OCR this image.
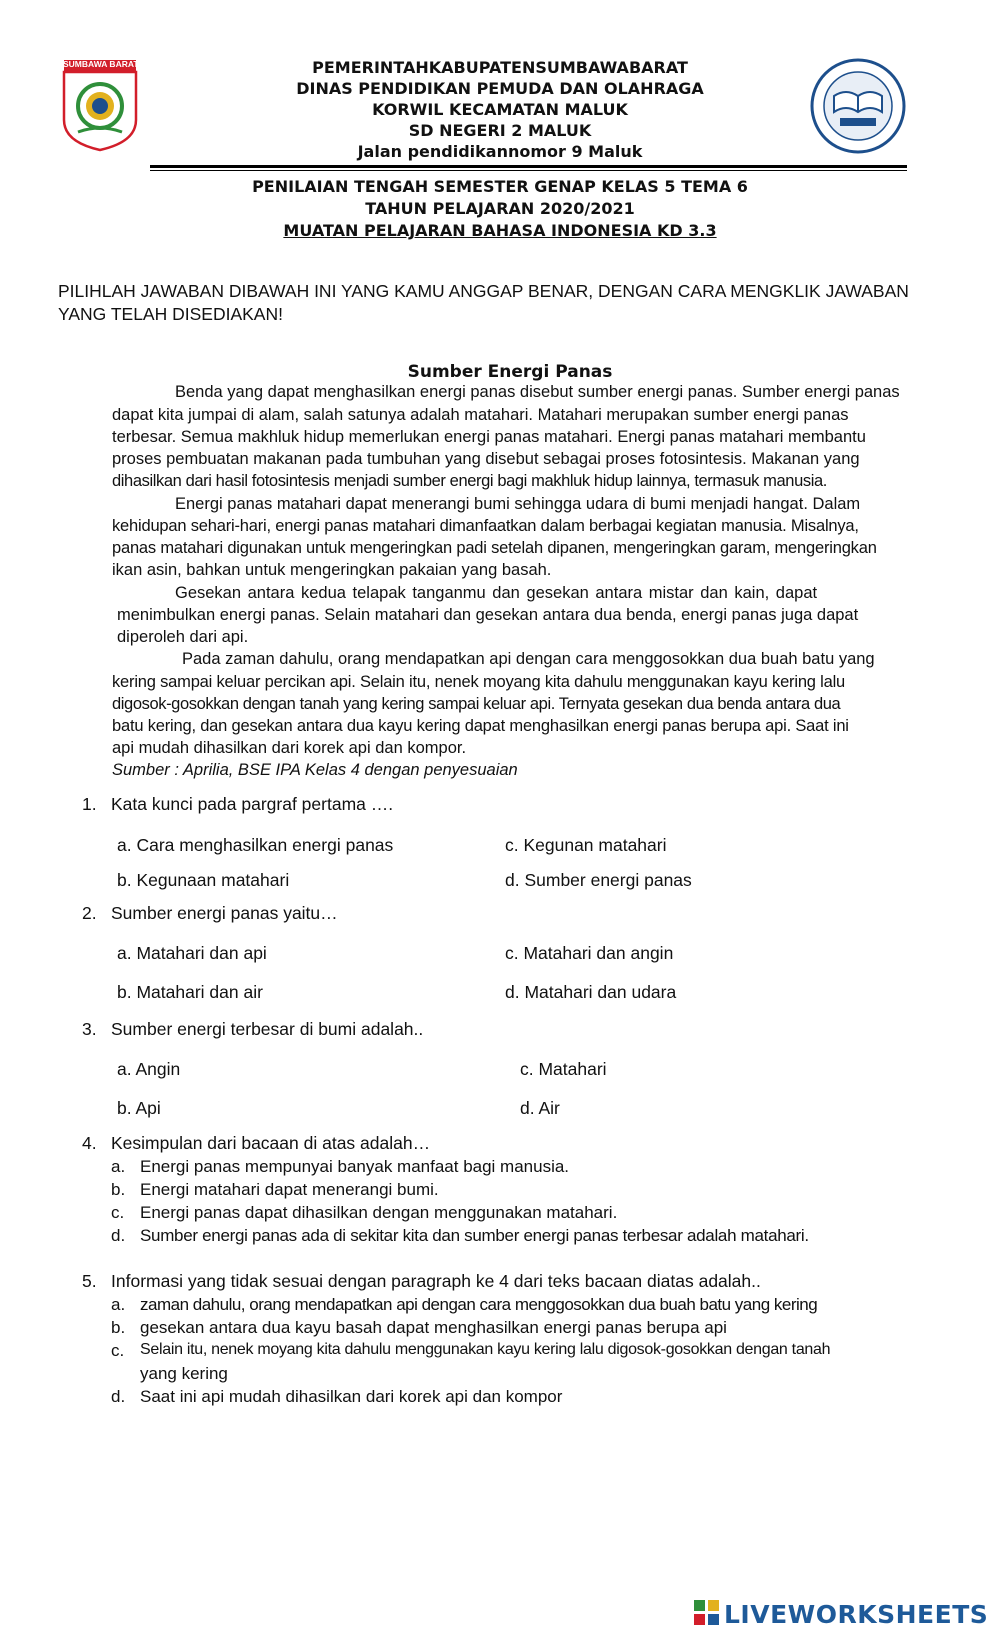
SUMBAWA BARAT	PEMERINTAHKABUPATENSUMBAWABARAT
DINAS PENDIDIKAN PEMUDA DAN OLAHRAGA
KORWIL KECAMATAN MALUK
SD NEGERI 2 MALUK
Jalan pendidikannomor 9 Maluk
PENILAIAN TENGAH SEMESTER GENAP KELAS 5 TEMA 6
TAHUN PELAJARAN 2020/2021
MUATAN PELAJARAN BAHASA INDONESIA KD 3.3
PILIHLAH JAWABAN DIBAWAH INI YANG KAMU ANGGAP BENAR, DENGAN CARA MENGKLIK JAWABAN
YANG TELAH DISEDIAKAN!
Sumber Energi Panas
Benda yang dapat menghasilkan energi panas disebut sumber energi panas. Sumber energi panas
dapat kita jumpai di alam, salah satunya adalah matahari. Matahari merupakan sumber energi panas
terbesar. Semua makhluk hidup memerlukan energi panas matahari. Energi panas matahari membantu
proses pembuatan makanan pada tumbuhan yang disebut sebagai proses fotosintesis. Makanan yang
dihasilkan dari hasil fotosintesis menjadi sumber energi bagi makhluk hidup lainnya, termasuk manusia.
Energi panas matahari dapat menerangi bumi sehingga udara di bumi menjadi hangat. Dalam
kehidupan sehari-hari, energi panas matahari dimanfaatkan dalam berbagai kegiatan manusia. Misalnya,
panas matahari digunakan untuk mengeringkan padi setelah dipanen, mengeringkan garam, mengeringkan
ikan asin, bahkan untuk mengeringkan pakaian yang basah.
Gesekan antara kedua telapak tanganmu dan gesekan antara mistar dan kain, dapat
menimbulkan energi panas. Selain matahari dan gesekan antara dua benda, energi panas juga dapat
diperoleh dari api.
Pada zaman dahulu, orang mendapatkan api dengan cara menggosokkan dua buah batu yang
kering sampai keluar percikan api. Selain itu, nenek moyang kita dahulu menggunakan kayu kering lalu
digosok-gosokkan dengan tanah yang kering sampai keluar api. Ternyata gesekan dua benda antara dua
batu kering, dan gesekan antara dua kayu kering dapat menghasilkan energi panas berupa api. Saat ini
api mudah dihasilkan dari korek api dan kompor.
Sumber : Aprilia, BSE IPA Kelas 4 dengan penyesuaian
1. Kata kunci pada pargraf pertama ….
a. Cara menghasilkan energi panas
b. Kegunaan matahari
c. Kegunan matahari
d. Sumber energi panas
2. Sumber energi panas yaitu…
a. Matahari dan api
b. Matahari dan air
c. Matahari dan angin
d. Matahari dan udara
3. Sumber energi terbesar di bumi adalah..
a. Angin
b. Api
c. Matahari
d. Air
4. Kesimpulan dari bacaan di atas adalah…
a. Energi panas mempunyai banyak manfaat bagi manusia.
b. Energi matahari dapat menerangi bumi.
c. Energi panas dapat dihasilkan dengan menggunakan matahari.
d. Sumber energi panas ada di sekitar kita dan sumber energi panas terbesar adalah matahari.
5. Informasi yang tidak sesuai dengan paragraph ke 4 dari teks bacaan diatas adalah..
a. zaman dahulu, orang mendapatkan api dengan cara menggosokkan dua buah batu yang kering
b. gesekan antara dua kayu basah dapat menghasilkan energi panas berupa api
c. Selain itu, nenek moyang kita dahulu menggunakan kayu kering lalu digosok-gosokkan dengan tanah
yang kering
d. Saat ini api mudah dihasilkan dari korek api dan kompor
LIVEWORKSHEETS
